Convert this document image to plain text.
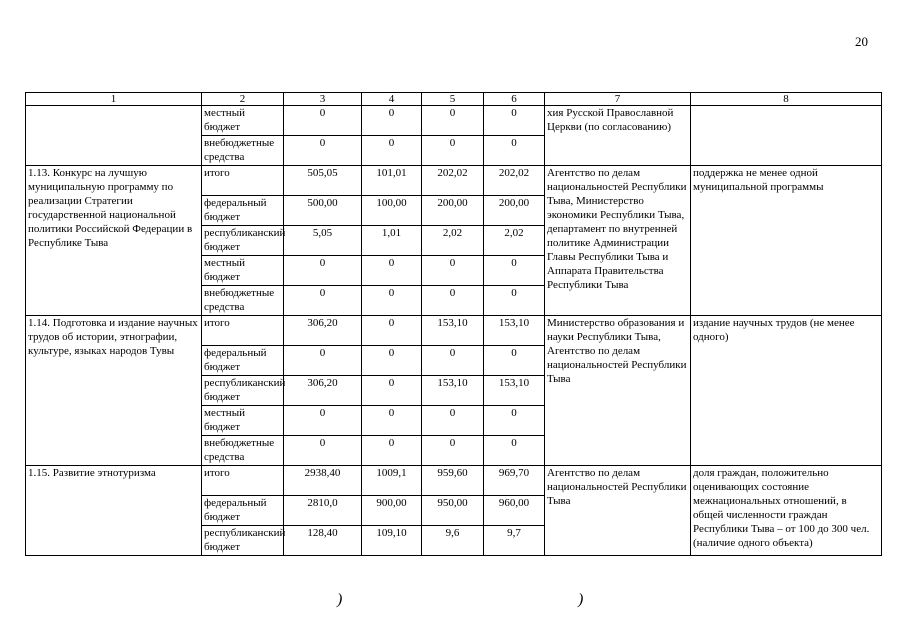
20
1	2	3	4	5	6	7	8
	местный бюджет	0	0	0	0	хия Русской Православной Церкви (по согласованию)	
	внебюджетные средства	0	0	0	0		
1.13. Конкурс на лучшую муниципальную программу по реализации Стратегии государственной национальной политики Российской Федерации в Республике Тыва	итого	505,05	101,01	202,02	202,02	Агентство по делам национальностей Республики Тыва, Министерство экономики Республики Тыва, департамент по внутренней политике Администрации Главы Республики Тыва и Аппарата Правительства Республики Тыва	поддержка не менее одной муниципальной программы
	федеральный бюджет	500,00	100,00	200,00	200,00		
	республиканский бюджет	5,05	1,01	2,02	2,02		
	местный бюджет	0	0	0	0		
	внебюджетные средства	0	0	0	0		
1.14. Подготовка и издание научных трудов об истории, этнографии, культуре, языках народов Тувы	итого	306,20	0	153,10	153,10	Министерство образования и науки Республики Тыва, Агентство по делам национальностей Республики Тыва	издание научных трудов (не менее одного)
	федеральный бюджет	0	0	0	0		
	республиканский бюджет	306,20	0	153,10	153,10		
	местный бюджет	0	0	0	0		
	внебюджетные средства	0	0	0	0		
1.15. Развитие этнотуризма	итого	2938,40	1009,1	959,60	969,70	Агентство по делам национальностей Республики Тыва	доля граждан, положительно оценивающих состояние межнациональных отношений, в общей численности граждан Республики Тыва – от 100 до 300 чел. (наличие одного объекта)
	федеральный бюджет	2810,0	900,00	950,00	960,00		
	республиканский бюджет	128,40	109,10	9,6	9,7		
)	)
